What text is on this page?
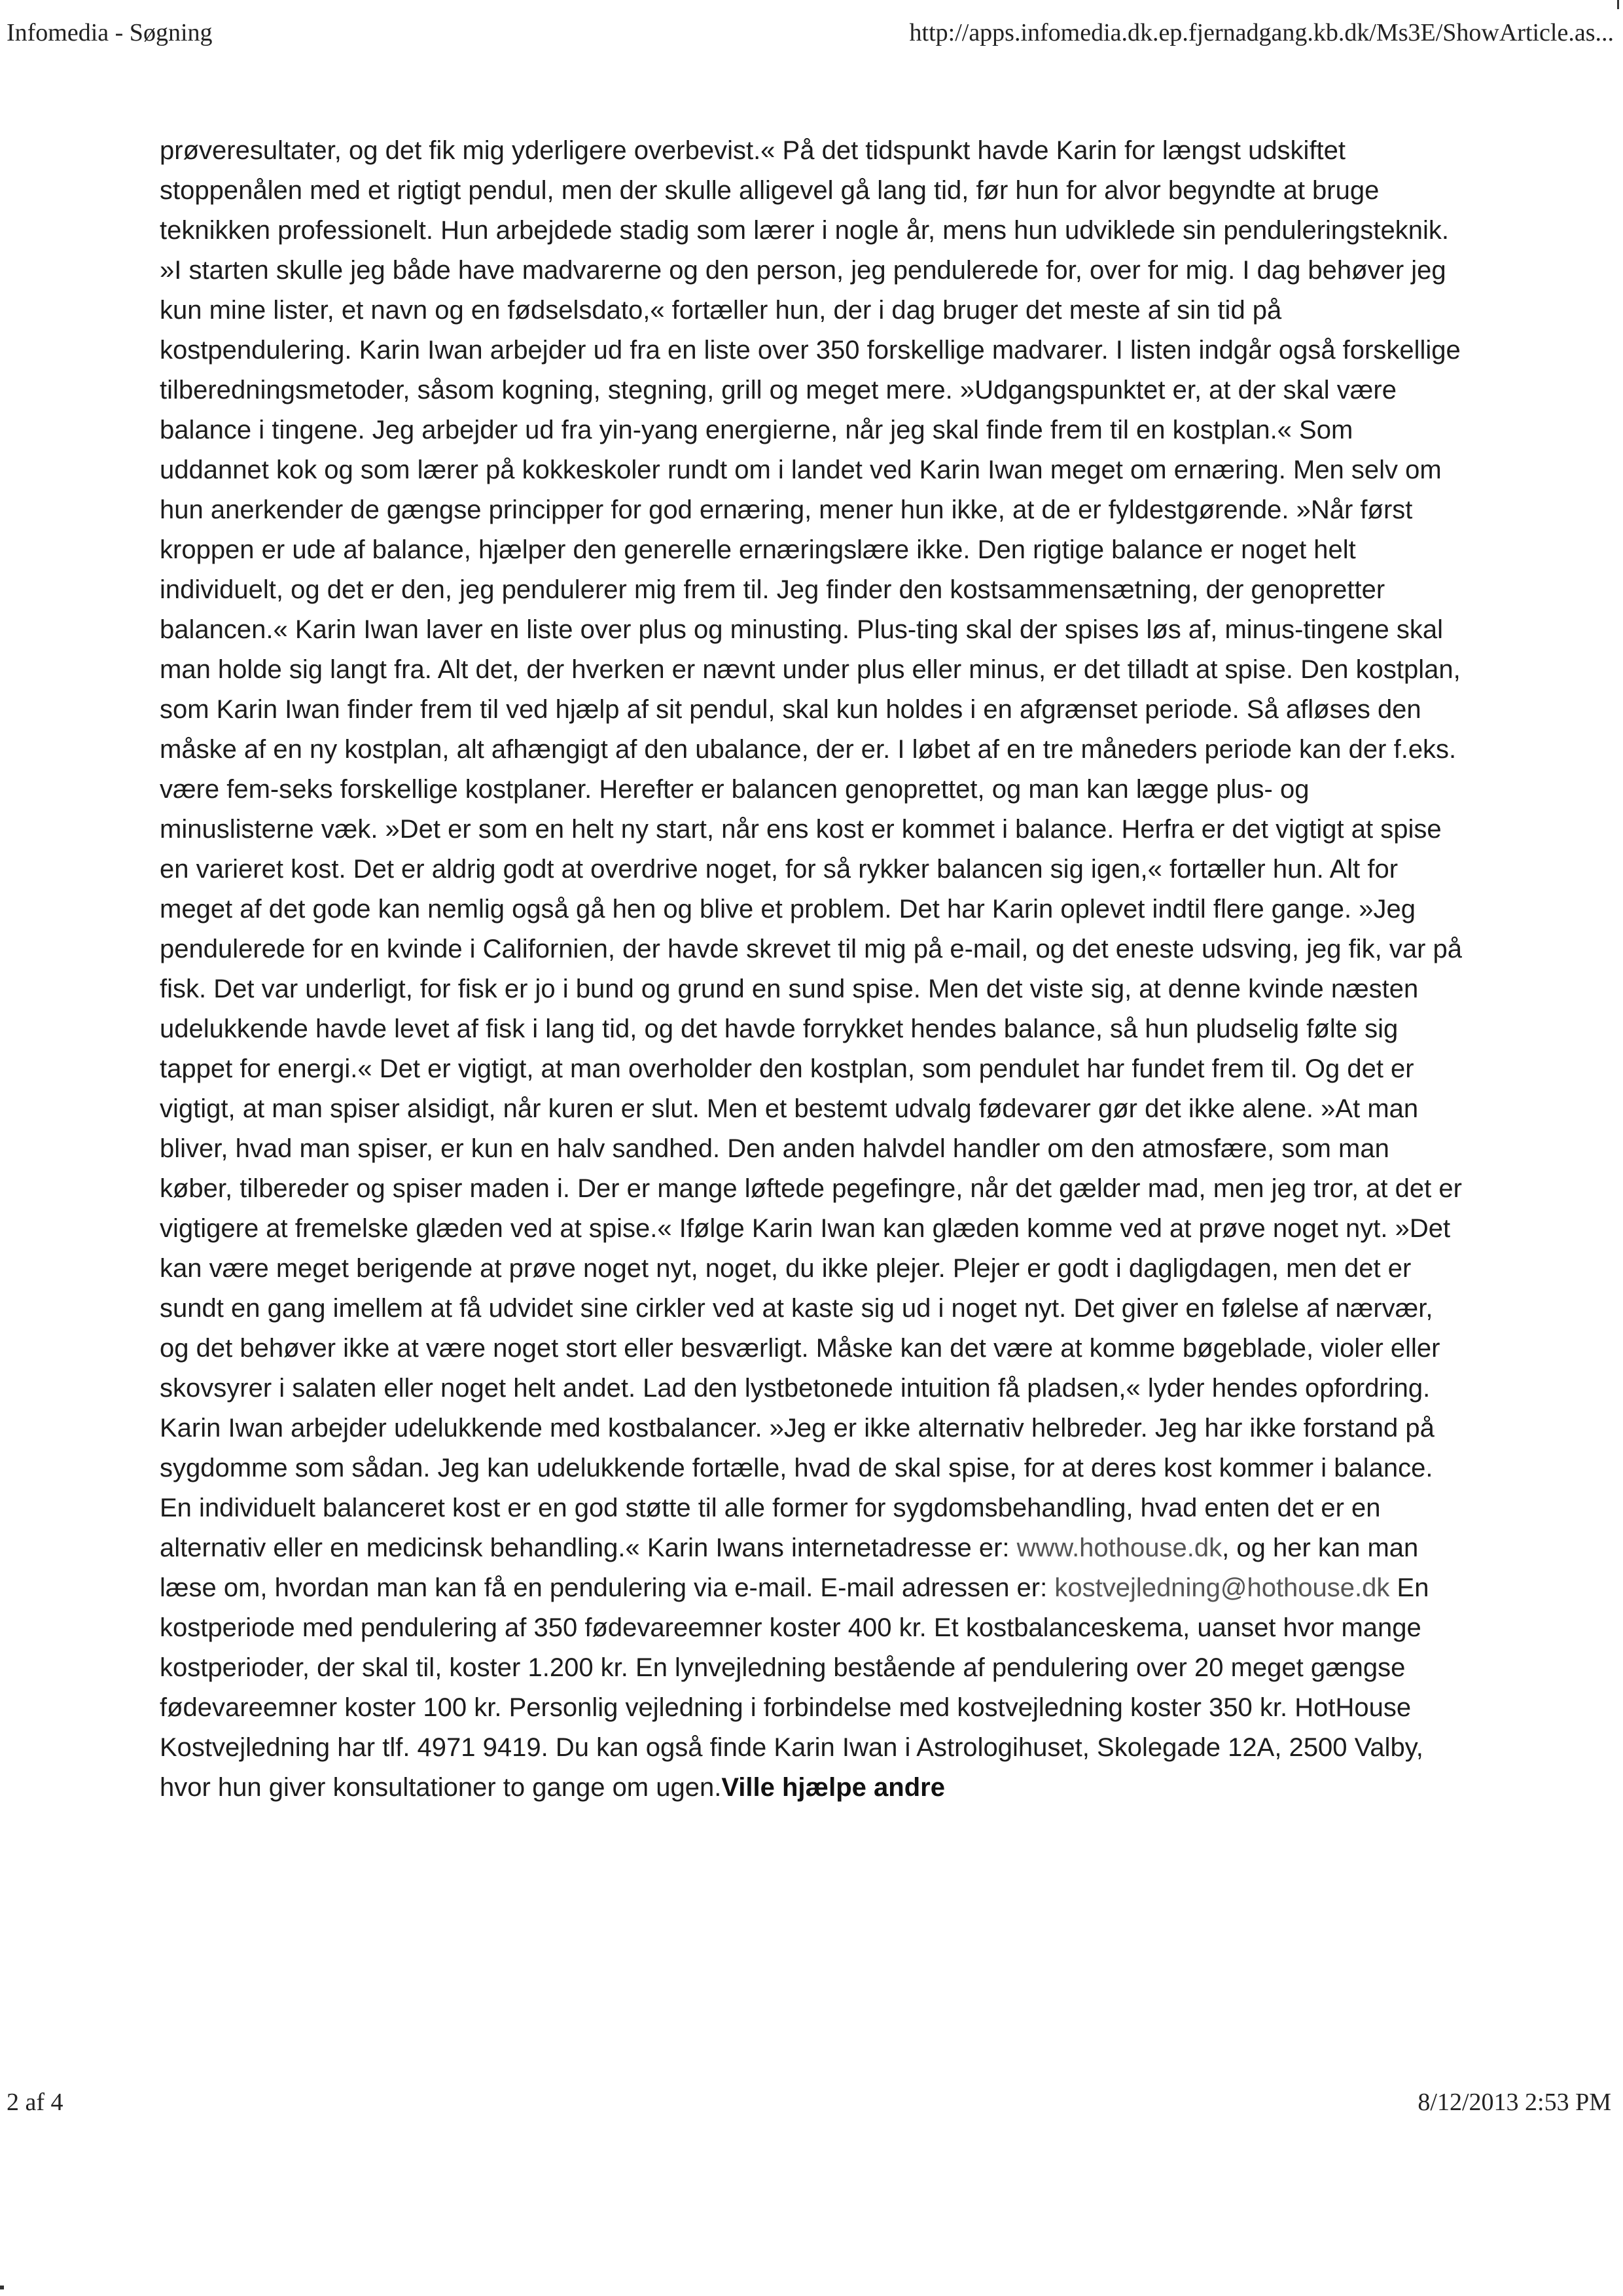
Infomedia - Søgning	http://apps.infomedia.dk.ep.fjernadgang.kb.dk/Ms3E/ShowArticle.as...

prøveresultater, og det fik mig yderligere overbevist.« På det tidspunkt havde Karin for længst udskiftet stoppenålen med et rigtigt pendul, men der skulle alligevel gå lang tid, før hun for alvor begyndte at bruge teknikken professionelt. Hun arbejdede stadig som lærer i nogle år, mens hun udviklede sin penduleringsteknik. »I starten skulle jeg både have madvarerne og den person, jeg pendulerede for, over for mig. I dag behøver jeg kun mine lister, et navn og en fødselsdato,« fortæller hun, der i dag bruger det meste af sin tid på kostpendulering. Karin Iwan arbejder ud fra en liste over 350 forskellige madvarer. I listen indgår også forskellige tilberedningsmetoder, såsom kogning, stegning, grill og meget mere. »Udgangspunktet er, at der skal være balance i tingene. Jeg arbejder ud fra yin-yang energierne, når jeg skal finde frem til en kostplan.« Som uddannet kok og som lærer på kokkeskoler rundt om i landet ved Karin Iwan meget om ernæring. Men selv om hun anerkender de gængse principper for god ernæring, mener hun ikke, at de er fyldestgørende. »Når først kroppen er ude af balance, hjælper den generelle ernæringslære ikke. Den rigtige balance er noget helt individuelt, og det er den, jeg pendulerer mig frem til. Jeg finder den kostsammensætning, der genopretter balancen.« Karin Iwan laver en liste over plus og minusting. Plus-ting skal der spises løs af, minus-tingene skal man holde sig langt fra. Alt det, der hverken er nævnt under plus eller minus, er det tilladt at spise. Den kostplan, som Karin Iwan finder frem til ved hjælp af sit pendul, skal kun holdes i en afgrænset periode. Så afløses den måske af en ny kostplan, alt afhængigt af den ubalance, der er. I løbet af en tre måneders periode kan der f.eks. være fem-seks forskellige kostplaner. Herefter er balancen genoprettet, og man kan lægge plus- og minuslisterne væk. »Det er som en helt ny start, når ens kost er kommet i balance. Herfra er det vigtigt at spise en varieret kost. Det er aldrig godt at overdrive noget, for så rykker balancen sig igen,« fortæller hun. Alt for meget af det gode kan nemlig også gå hen og blive et problem. Det har Karin oplevet indtil flere gange. »Jeg pendulerede for en kvinde i Californien, der havde skrevet til mig på e-mail, og det eneste udsving, jeg fik, var på fisk. Det var underligt, for fisk er jo i bund og grund en sund spise. Men det viste sig, at denne kvinde næsten udelukkende havde levet af fisk i lang tid, og det havde forrykket hendes balance, så hun pludselig følte sig tappet for energi.« Det er vigtigt, at man overholder den kostplan, som pendulet har fundet frem til. Og det er vigtigt, at man spiser alsidigt, når kuren er slut. Men et bestemt udvalg fødevarer gør det ikke alene. »At man bliver, hvad man spiser, er kun en halv sandhed. Den anden halvdel handler om den atmosfære, som man køber, tilbereder og spiser maden i. Der er mange løftede pegefingre, når det gælder mad, men jeg tror, at det er vigtigere at fremelske glæden ved at spise.« Ifølge Karin Iwan kan glæden komme ved at prøve noget nyt. »Det kan være meget berigende at prøve noget nyt, noget, du ikke plejer. Plejer er godt i dagligdagen, men det er sundt en gang imellem at få udvidet sine cirkler ved at kaste sig ud i noget nyt. Det giver en følelse af nærvær, og det behøver ikke at være noget stort eller besværligt. Måske kan det være at komme bøgeblade, violer eller skovsyrer i salaten eller noget helt andet. Lad den lystbetonede intuition få pladsen,« lyder hendes opfordring. Karin Iwan arbejder udelukkende med kostbalancer. »Jeg er ikke alternativ helbreder. Jeg har ikke forstand på sygdomme som sådan. Jeg kan udelukkende fortælle, hvad de skal spise, for at deres kost kommer i balance. En individuelt balanceret kost er en god støtte til alle former for sygdomsbehandling, hvad enten det er en alternativ eller en medicinsk behandling.« Karin Iwans internetadresse er: www.hothouse.dk, og her kan man læse om, hvordan man kan få en pendulering via e-mail. E-mail adressen er: kostvejledning@hothouse.dk En kostperiode med pendulering af 350 fødevareemner koster 400 kr. Et kostbalanceskema, uanset hvor mange kostperioder, der skal til, koster 1.200 kr. En lynvejledning bestående af pendulering over 20 meget gængse fødevareemner koster 100 kr. Personlig vejledning i forbindelse med kostvejledning koster 350 kr. HotHouse Kostvejledning har tlf. 4971 9419. Du kan også finde Karin Iwan i Astrologihuset, Skolegade 12A, 2500 Valby, hvor hun giver konsultationer to gange om ugen.Ville hjælpe andre

2 af 4	8/12/2013 2:53 PM
